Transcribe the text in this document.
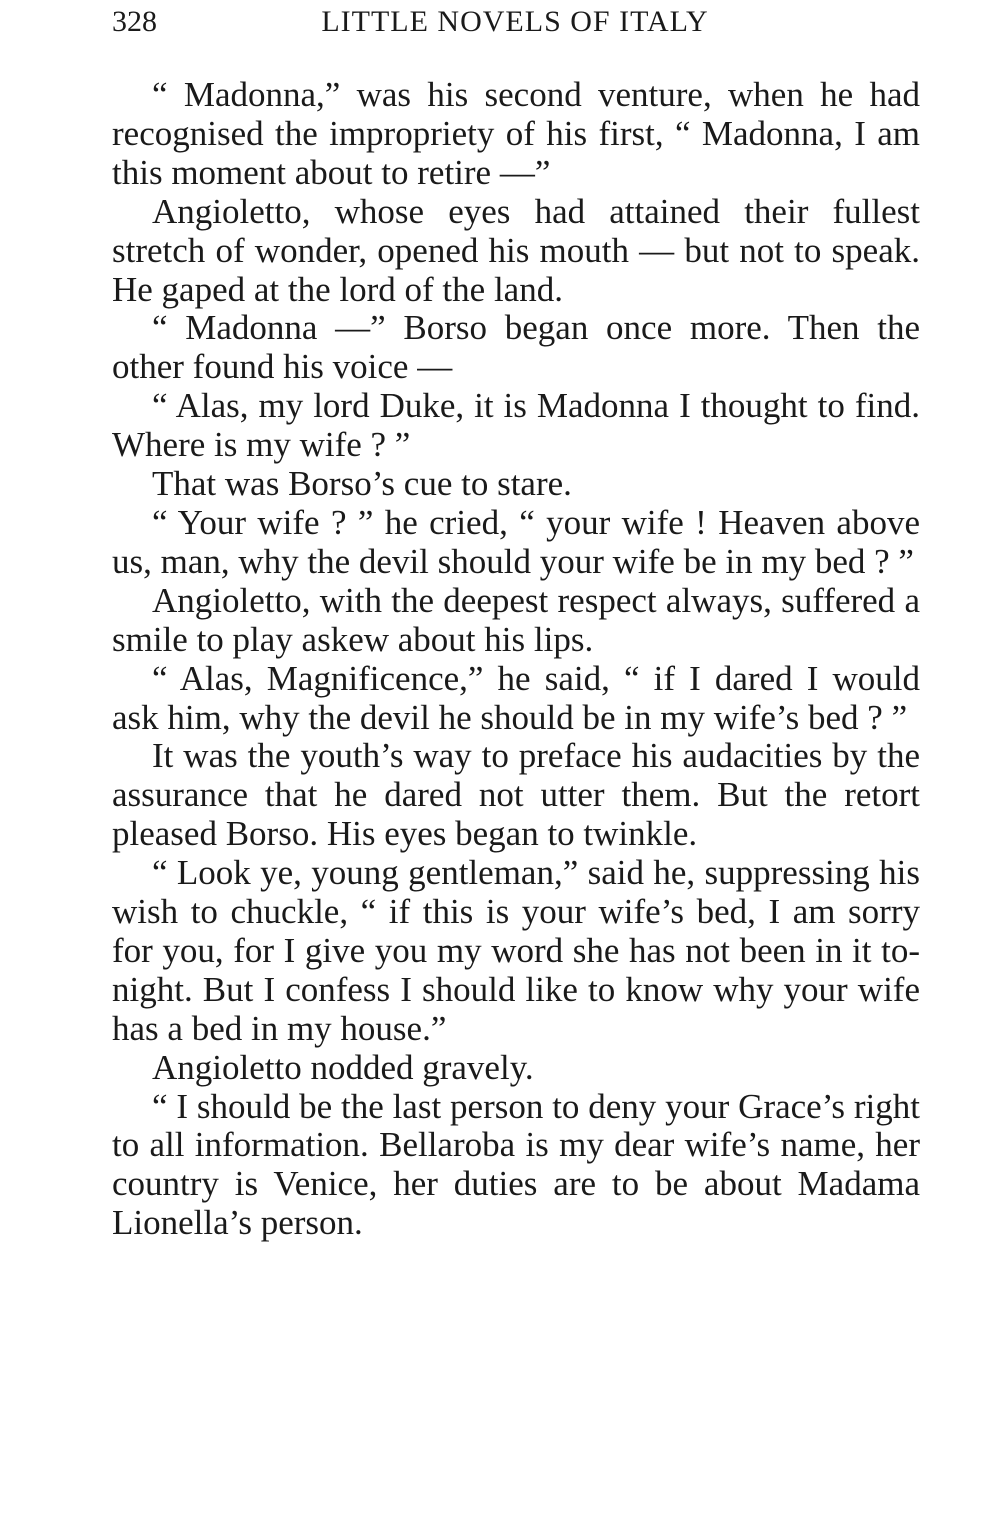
328	LITTLE NOVELS OF ITALY

“ Madonna,” was his second venture, when he had recognised the impropriety of his first, “ Madonna, I am this moment about to retire —”

Angioletto, whose eyes had attained their fullest stretch of wonder, opened his mouth — but not to speak. He gaped at the lord of the land.

“ Madonna —” Borso began once more. Then the other found his voice —

“ Alas, my lord Duke, it is Madonna I thought to find. Where is my wife ? ”

That was Borso’s cue to stare.

“ Your wife ? ” he cried, “ your wife ! Heaven above us, man, why the devil should your wife be in my bed ? ”

Angioletto, with the deepest respect always, suffered a smile to play askew about his lips.

“ Alas, Magnificence,” he said, “ if I dared I would ask him, why the devil he should be in my wife’s bed ? ”

It was the youth’s way to preface his audacities by the assurance that he dared not utter them. But the retort pleased Borso. His eyes began to twinkle.

“ Look ye, young gentleman,” said he, suppressing his wish to chuckle, “ if this is your wife’s bed, I am sorry for you, for I give you my word she has not been in it to-night. But I confess I should like to know why your wife has a bed in my house.”

Angioletto nodded gravely.

“ I should be the last person to deny your Grace’s right to all information. Bellaroba is my dear wife’s name, her country is Venice, her duties are to be about Madama Lionella’s person.
